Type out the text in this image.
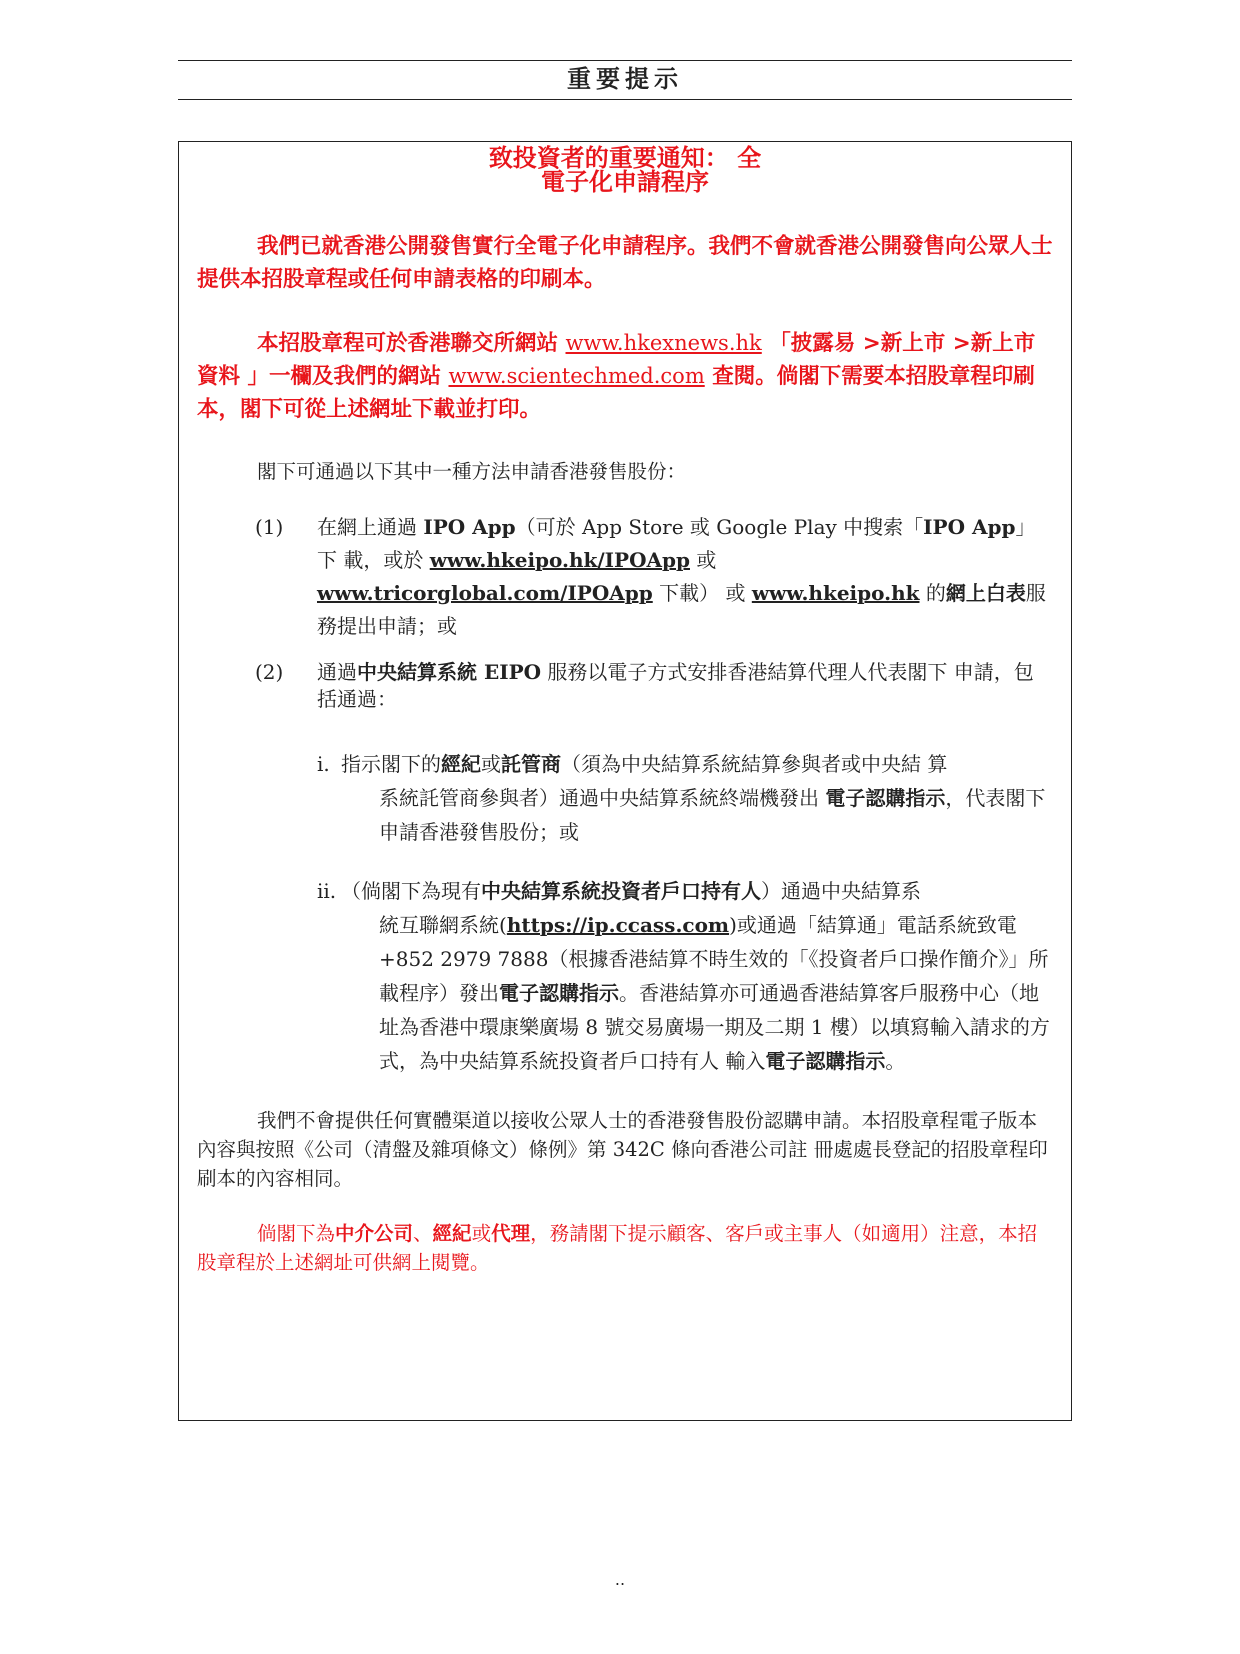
重要提示
致投資者的重要通知： 全
電子化申請程序

我們已就香港公開發售實行全電子化申請程序。我們不會就香港公開發售向公眾人士提供本招股章程或任何申請表格的印刷本。

本招股章程可於香港聯交所網站 www.hkexnews.hk 「披露易 >新上市 >新上市 資料 」一欄及我們的網站 www.scientechmed.com 查閱。倘閣下需要本招股章程印刷 本，閣下可從上述網址下載並打印。

閣下可通過以下其中一種方法申請香港發售股份：

(1) 在網上通過 IPO App（可於 App Store 或 Google Play 中搜索「IPO App」下 載，或於 www.hkeipo.hk/IPOApp 或 www.tricorglobal.com/IPOApp 下載） 或 www.hkeipo.hk 的網上白表服務提出申請；或
(2) 通過中央結算系統 EIPO 服務以電子方式安排香港結算代理人代表閣下 申請，包括通過：
i. 指示閣下的經紀或託管商（須為中央結算系統結算參與者或中央結 算
系統託管商參與者）通過中央結算系統終端機發出 電子認購指示，代表閣下申請香港發售股份；或
ii. （倘閣下為現有中央結算系統投資者戶口持有人）通過中央結算系
統互聯網系統(https://ip.ccass.com)或通過「結算通」電話系統致電+852 2979 7888（根據香港結算不時生效的「《投資者戶口操作簡介》」所載程序）發出電子認購指示。香港結算亦可通過香港結算客戶服務中心（地址為香港中環康樂廣場 8 號交易廣場一期及二期 1 樓）以填寫輸入請求的方式，為中央結算系統投資者戶口持有人 輸入電子認購指示。

我們不會提供任何實體渠道以接收公眾人士的香港發售股份認購申請。本招股章程電子版本內容與按照《公司（清盤及雜項條文）條例》第 342C 條向香港公司註 冊處處長登記的招股章程印刷本的內容相同。

倘閣下為中介公司、經紀或代理，務請閣下提示顧客、客戶或主事人（如適用）注意，本招股章程於上述網址可供網上閱覽。

..
